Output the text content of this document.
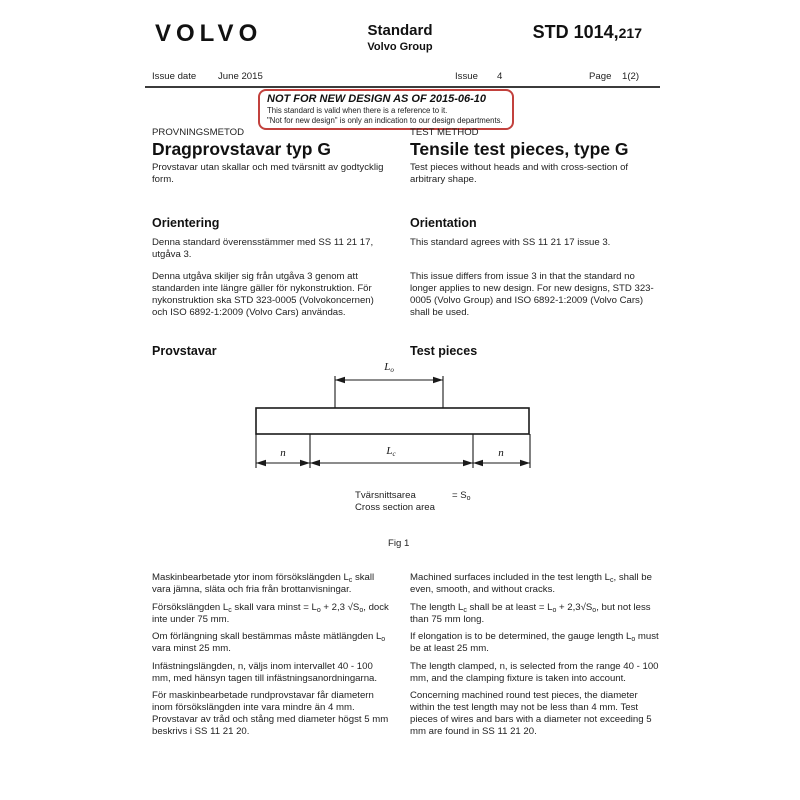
VOLVO	Standard
Volvo Group
STD 1014,217
Issue date June 2015	Issue 4	Page 1(2)
NOT FOR NEW DESIGN AS OF 2015-06-10
This standard is valid when there is a reference to it.
"Not for new design" is only an indication to our design departments.
PROVNINGSMETOD	TEST METHOD
Dragprovstavar typ G	Tensile test pieces, type G
Provstavar utan skallar och med tvärsnitt av godtycklig form.
Test pieces without heads and with cross-section of arbitrary shape.
Orientering	Orientation
Denna standard överensstämmer med SS 11 21 17, utgåva 3.
This standard agrees with SS 11 21 17 issue 3.
Denna utgåva skiljer sig från utgåva 3 genom att standarden inte längre gäller för nykonstruktion. För nykonstruktion ska STD 323-0005 (Volvokoncernen) och ISO 6892-1:2009 (Volvo Cars) användas.
This issue differs from issue 3 in that the standard no longer applies to new design. For new designs, STD 323-0005 (Volvo Group) and ISO 6892-1:2009 (Volvo Cars) shall be used.
Provstavar	Test pieces
$L_o$
n	$L_c$	n
Tvärsnittsarea
Cross section area
= $S_o$
Fig 1

Maskinbearbetade ytor inom försökslängden $L_c$ skall vara jämna, släta och fria från brottanvisningar.

Försökslängden $L_c$ skall vara minst = $L_o + 2,3$ $√S_o$, dock inte under 75 mm.

Om förlängning skall bestämmas måste mätlängden $L_o$ vara minst 25 mm.

Infästningslängden, n, väljs inom intervallet 40 - 100 mm, med hänsyn tagen till infästningsanordningarna.

För maskinbearbetade rundprovstavar får diametern inom försökslängden inte vara mindre än 4 mm. Provstavar av tråd och stång med diameter högst 5 mm beskrivs i SS 11 21 20.

Machined surfaces included in the test length $L_c$, shall be even, smooth, and without cracks.

The length $L_c$ shall be at least = $L_o + 2,3√S_o$, but not less than 75 mm long.

If elongation is to be determined, the gauge length $L_o$ must be at least 25 mm.

The length clamped, n, is selected from the range 40 - 100 mm, and the clamping fixture is taken into account.

Concerning machined round test pieces, the diameter within the test length may not be less than 4 mm. Test pieces of wires and bars with a diameter not exceeding 5 mm are found in SS 11 21 20.
